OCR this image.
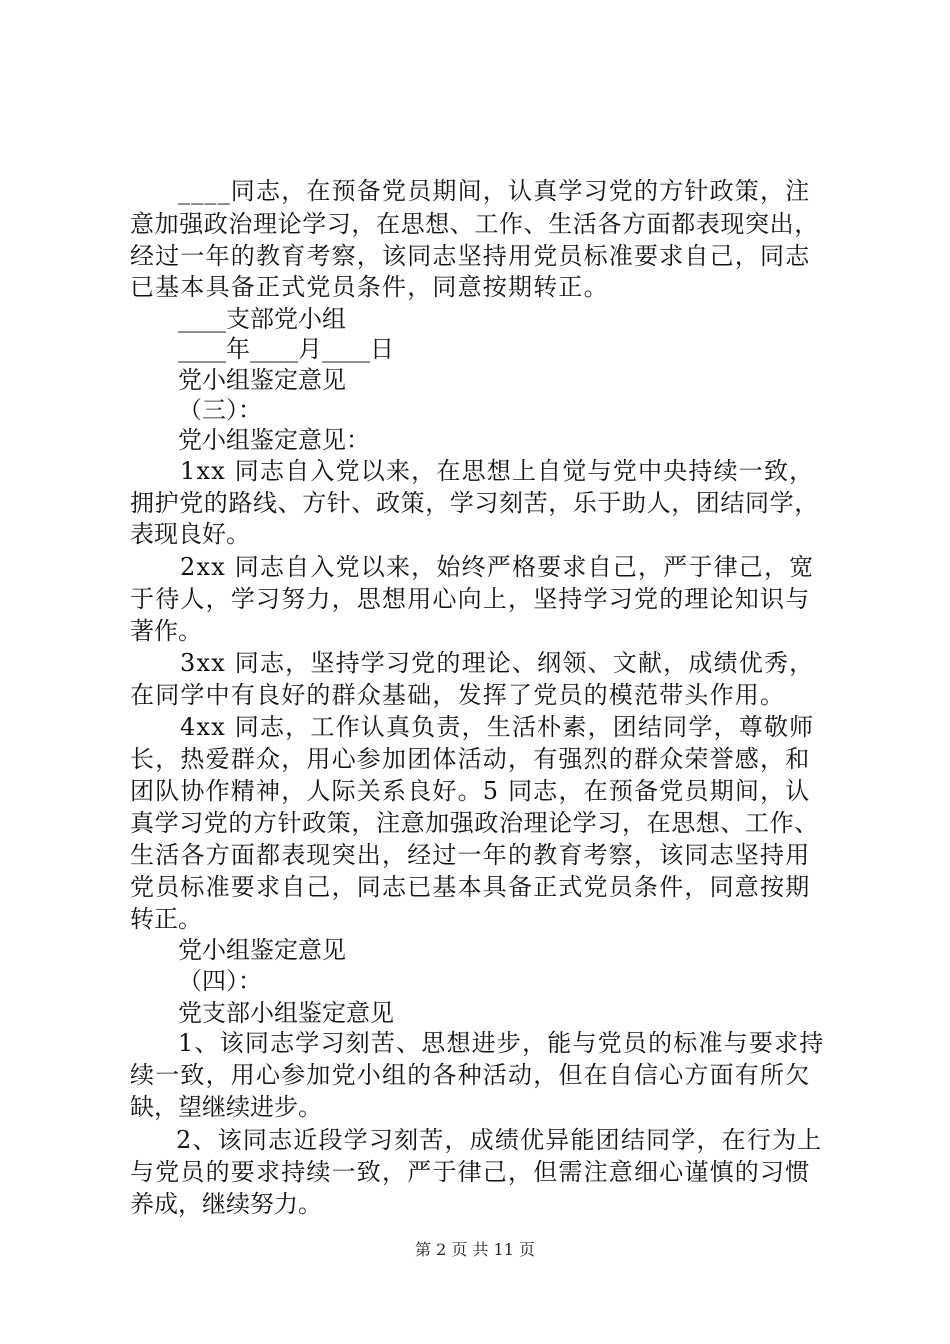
____同志，在预备党员期间，认真学习党的方针政策，注
意加强政治理论学习，在思想、工作、生活各方面都表现突出，
经过一年的教育考察，该同志坚持用党员标准要求自己，同志
已基本具备正式党员条件，同意按期转正。
____支部党小组
____年____月____日
党小组鉴定意见
（三）：
党小组鉴定意见：
1xx 同志自入党以来，在思想上自觉与党中央持续一致，
拥护党的路线、方针、政策，学习刻苦，乐于助人，团结同学，
表现良好。
2xx 同志自入党以来，始终严格要求自己，严于律己，宽
于待人，学习努力，思想用心向上，坚持学习党的理论知识与
著作。
3xx 同志，坚持学习党的理论、纲领、文献，成绩优秀，
在同学中有良好的群众基础，发挥了党员的模范带头作用。
4xx 同志，工作认真负责，生活朴素，团结同学，尊敬师
长，热爱群众，用心参加团体活动，有强烈的群众荣誉感，和
团队协作精神，人际关系良好。5 同志，在预备党员期间，认
真学习党的方针政策，注意加强政治理论学习，在思想、工作、
生活各方面都表现突出，经过一年的教育考察，该同志坚持用
党员标准要求自己，同志已基本具备正式党员条件，同意按期
转正。
党小组鉴定意见
（四）：
党支部小组鉴定意见
1、该同志学习刻苦、思想进步，能与党员的标准与要求持
续一致，用心参加党小组的各种活动，但在自信心方面有所欠
缺，望继续进步。
2、该同志近段学习刻苦，成绩优异能团结同学，在行为上
与党员的要求持续一致，严于律己，但需注意细心谨慎的习惯
养成，继续努力。
第 2 页 共 11 页
